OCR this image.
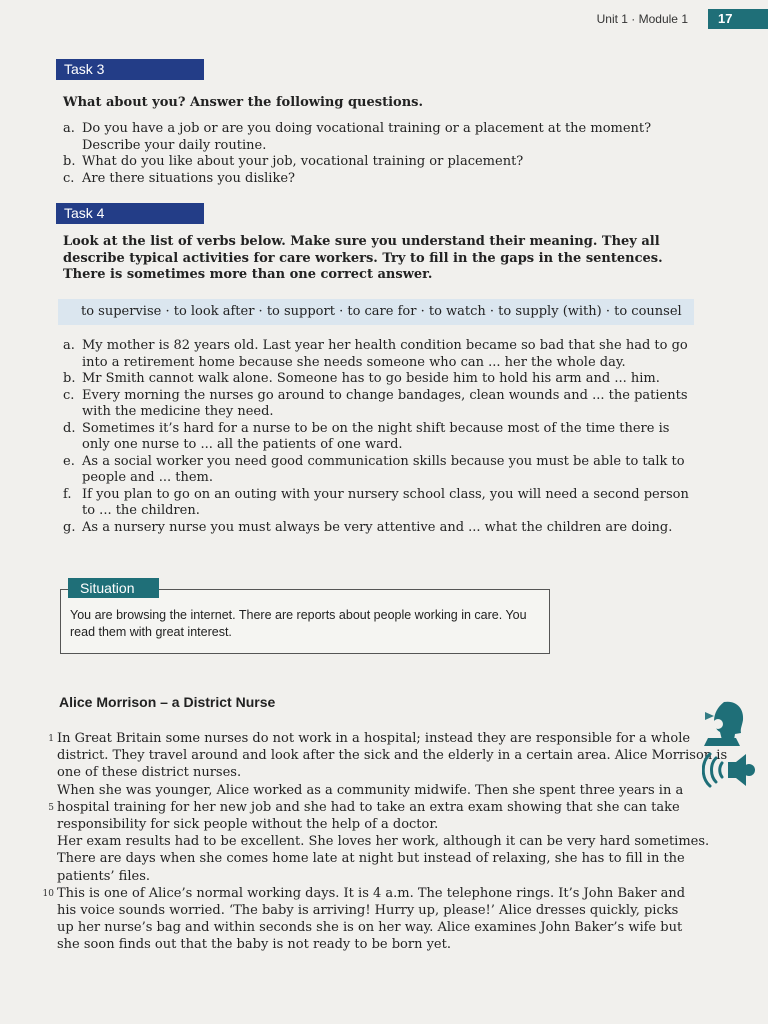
Unit 1 · Module 1	17
Task 3
What about you? Answer the following questions.
a. Do you have a job or are you doing vocational training or a placement at the moment? Describe your daily routine.
b. What do you like about your job, vocational training or placement?
c. Are there situations you dislike?
Task 4
Look at the list of verbs below. Make sure you understand their meaning. They all describe typical activities for care workers. Try to fill in the gaps in the sentences. There is sometimes more than one correct answer.
to supervise · to look after · to support · to care for · to watch · to supply (with) · to counsel
a. My mother is 82 years old. Last year her health condition became so bad that she had to go into a retirement home because she needs someone who can ... her the whole day.
b. Mr Smith cannot walk alone. Someone has to go beside him to hold his arm and ... him.
c. Every morning the nurses go around to change bandages, clean wounds and ... the patients with the medicine they need.
d. Sometimes it’s hard for a nurse to be on the night shift because most of the time there is only one nurse to ... all the patients of one ward.
e. As a social worker you need good communication skills because you must be able to talk to people and ... them.
f. If you plan to go on an outing with your nursery school class, you will need a second person to ... the children.
g. As a nursery nurse you must always be very attentive and ... what the children are doing.
Situation
You are browsing the internet. There are reports about people working in care. You read them with great interest.
Alice Morrison – a District Nurse
1 In Great Britain some nurses do not work in a hospital; instead they are responsible for a whole
district. They travel around and look after the sick and the elderly in a certain area. Alice Morrison is
one of these district nurses.
When she was younger, Alice worked as a community midwife. Then she spent three years in a
5 hospital training for her new job and she had to take an extra exam showing that she can take
responsibility for sick people without the help of a doctor.
Her exam results had to be excellent. She loves her work, although it can be very hard sometimes.
There are days when she comes home late at night but instead of relaxing, she has to fill in the
patients’ files.
10 This is one of Alice’s normal working days. It is 4 a.m. The telephone rings. It’s John Baker and
his voice sounds worried. ‘The baby is arriving! Hurry up, please!’ Alice dresses quickly, picks
up her nurse’s bag and within seconds she is on her way. Alice examines John Baker’s wife but
she soon finds out that the baby is not ready to be born yet.
